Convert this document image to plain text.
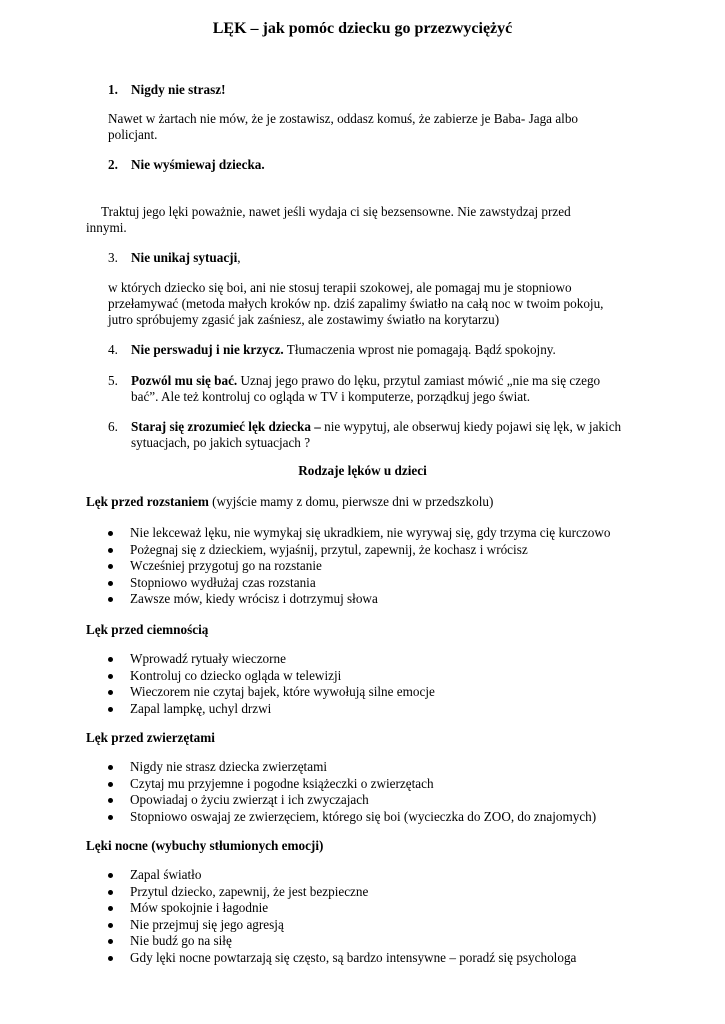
LĘK – jak pomóc dziecku go przezwyciężyć
1. Nigdy nie strasz!
Nawet w żartach nie mów, że je zostawisz, oddasz komuś, że zabierze je Baba- Jaga albo
policjant.
2. Nie wyśmiewaj dziecka.
Traktuj jego lęki poważnie, nawet jeśli wydaja ci się bezsensowne. Nie zawstydzaj przed
innymi.
3. Nie unikaj sytuacji,
w których dziecko się boi, ani nie stosuj terapii szokowej, ale pomagaj mu je stopniowo
przełamywać (metoda małych kroków np. dziś zapalimy światło na całą noc w twoim pokoju,
jutro spróbujemy zgasić jak zaśniesz, ale zostawimy światło na korytarzu)
4. Nie perswaduj i nie krzycz. Tłumaczenia wprost nie pomagają. Bądź spokojny.
5. Pozwól mu się bać. Uznaj jego prawo do lęku, przytul zamiast mówić „nie ma się czego
bać”. Ale też kontroluj co ogląda w TV i komputerze, porządkuj jego świat.
6. Staraj się zrozumieć lęk dziecka – nie wypytuj, ale obserwuj kiedy pojawi się lęk, w jakich
sytuacjach, po jakich sytuacjach ?
Rodzaje lęków u dzieci
Lęk przed rozstaniem (wyjście mamy z domu, pierwsze dni w przedszkolu)
Nie lekceważ lęku, nie wymykaj się ukradkiem, nie wyrywaj się, gdy trzyma cię kurczowo
Pożegnaj się z dzieckiem, wyjaśnij, przytul, zapewnij, że kochasz i wrócisz
Wcześniej przygotuj go na rozstanie
Stopniowo wydłużaj czas rozstania
Zawsze mów, kiedy wrócisz i dotrzymuj słowa
Lęk przed ciemnością
Wprowadź rytuały wieczorne
Kontroluj co dziecko ogląda w telewizji
Wieczorem nie czytaj bajek, które wywołują silne emocje
Zapal lampkę, uchyl drzwi
Lęk przed zwierzętami
Nigdy nie strasz dziecka zwierzętami
Czytaj mu przyjemne i pogodne książeczki o zwierzętach
Opowiadaj o życiu zwierząt i ich zwyczajach
Stopniowo oswajaj ze zwierzęciem, którego się boi (wycieczka do ZOO, do znajomych)
Lęki nocne (wybuchy stłumionych emocji)
Zapal światło
Przytul dziecko, zapewnij, że jest bezpieczne
Mów spokojnie i łagodnie
Nie przejmuj się jego agresją
Nie budź go na siłę
Gdy lęki nocne powtarzają się często, są bardzo intensywne – poradź się psychologa
